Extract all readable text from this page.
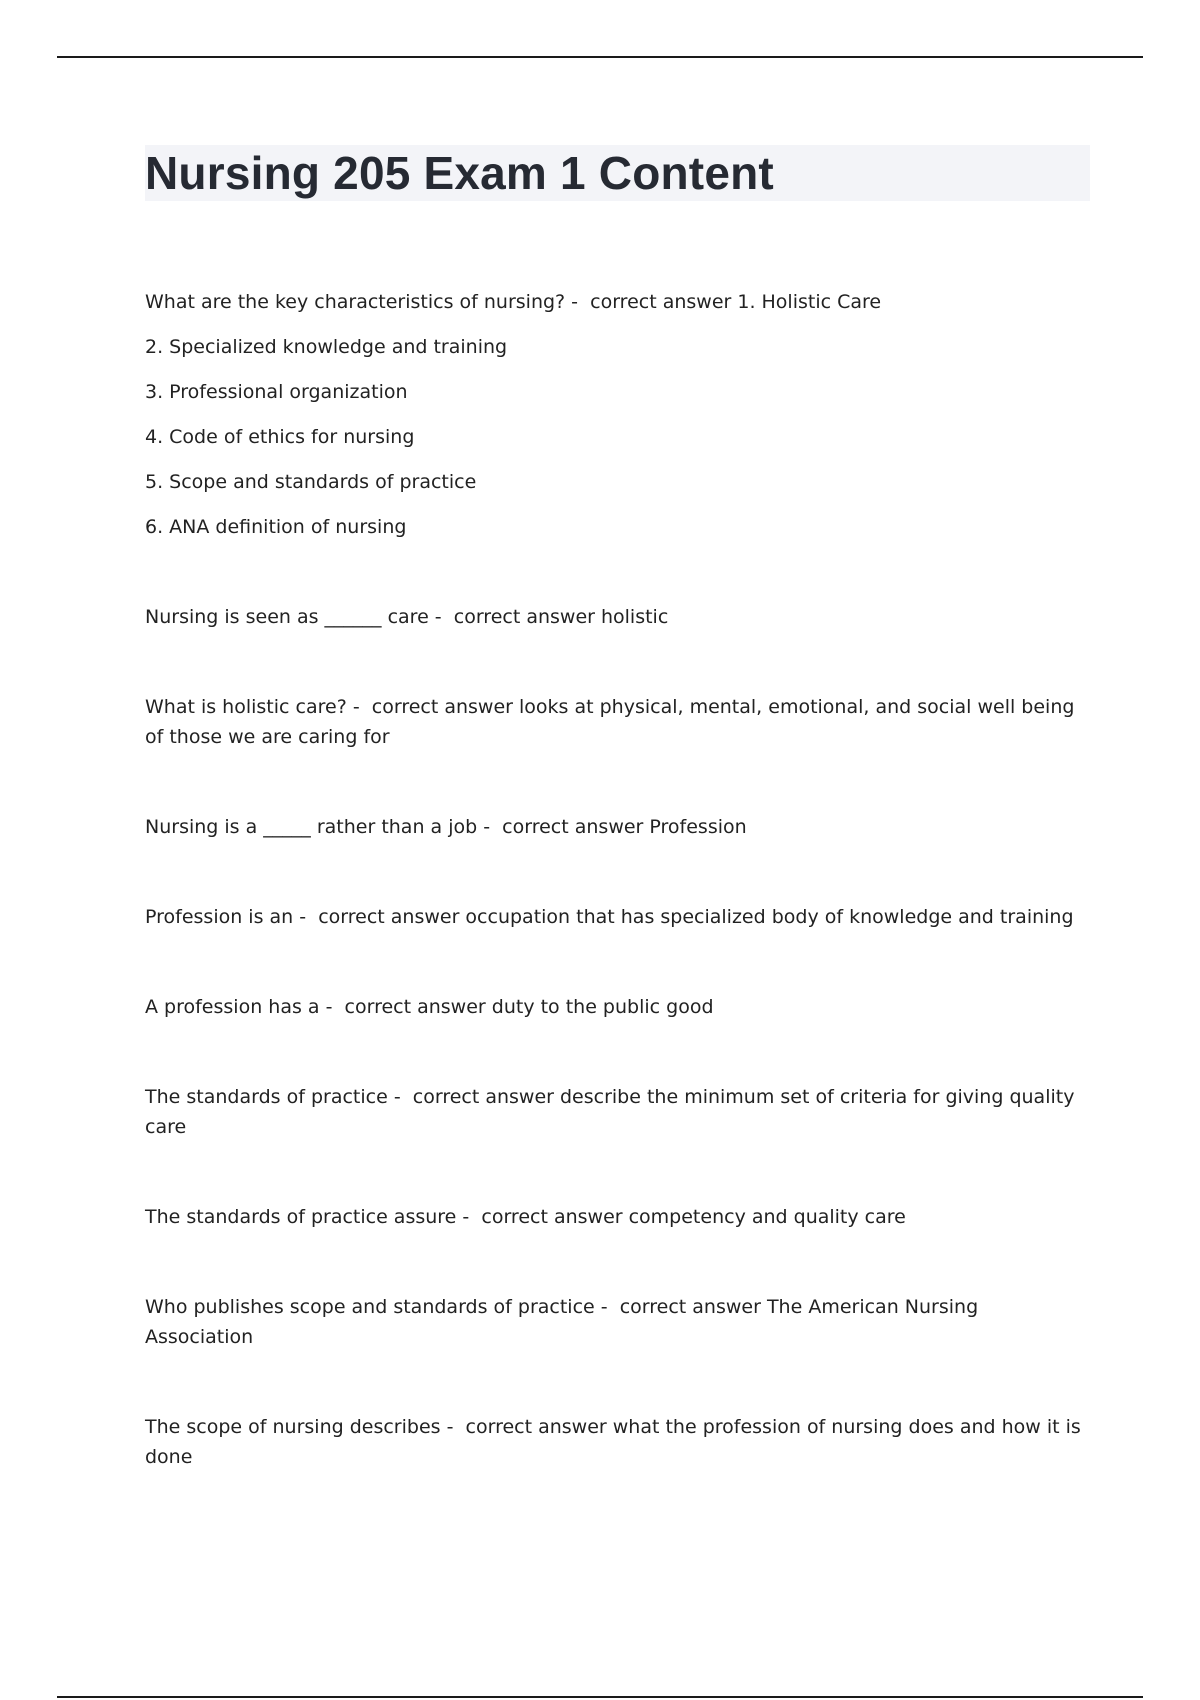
Nursing 205 Exam 1 Content
What are the key characteristics of nursing? -  correct answer 1. Holistic Care
2. Specialized knowledge and training
3. Professional organization
4. Code of ethics for nursing
5. Scope and standards of practice
6. ANA definition of nursing
Nursing is seen as ______ care -  correct answer holistic
What is holistic care? -  correct answer looks at physical, mental, emotional, and social well being of those we are caring for
Nursing is a _____ rather than a job -  correct answer Profession
Profession is an -  correct answer occupation that has specialized body of knowledge and training
A profession has a -  correct answer duty to the public good
The standards of practice -  correct answer describe the minimum set of criteria for giving quality care
The standards of practice assure -  correct answer competency and quality care
Who publishes scope and standards of practice -  correct answer The American Nursing Association
The scope of nursing describes -  correct answer what the profession of nursing does and how it is done
